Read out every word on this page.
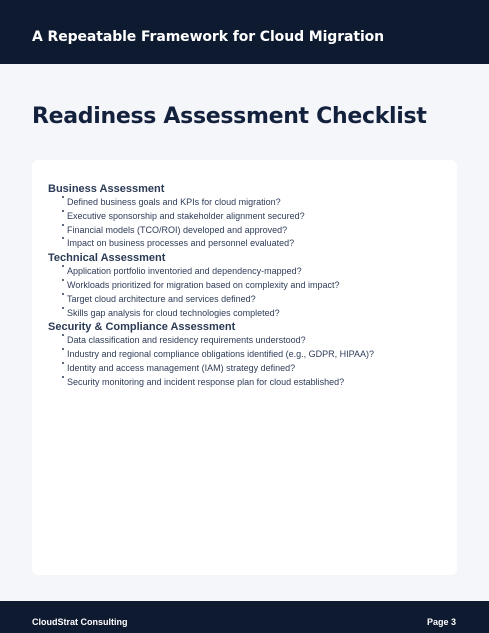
A Repeatable Framework for Cloud Migration
Readiness Assessment Checklist
Business Assessment
Defined business goals and KPIs for cloud migration?
Executive sponsorship and stakeholder alignment secured?
Financial models (TCO/ROI) developed and approved?
Impact on business processes and personnel evaluated?
Technical Assessment
Application portfolio inventoried and dependency-mapped?
Workloads prioritized for migration based on complexity and impact?
Target cloud architecture and services defined?
Skills gap analysis for cloud technologies completed?
Security & Compliance Assessment
Data classification and residency requirements understood?
Industry and regional compliance obligations identified (e.g., GDPR, HIPAA)?
Identity and access management (IAM) strategy defined?
Security monitoring and incident response plan for cloud established?
CloudStrat Consulting	Page 3
